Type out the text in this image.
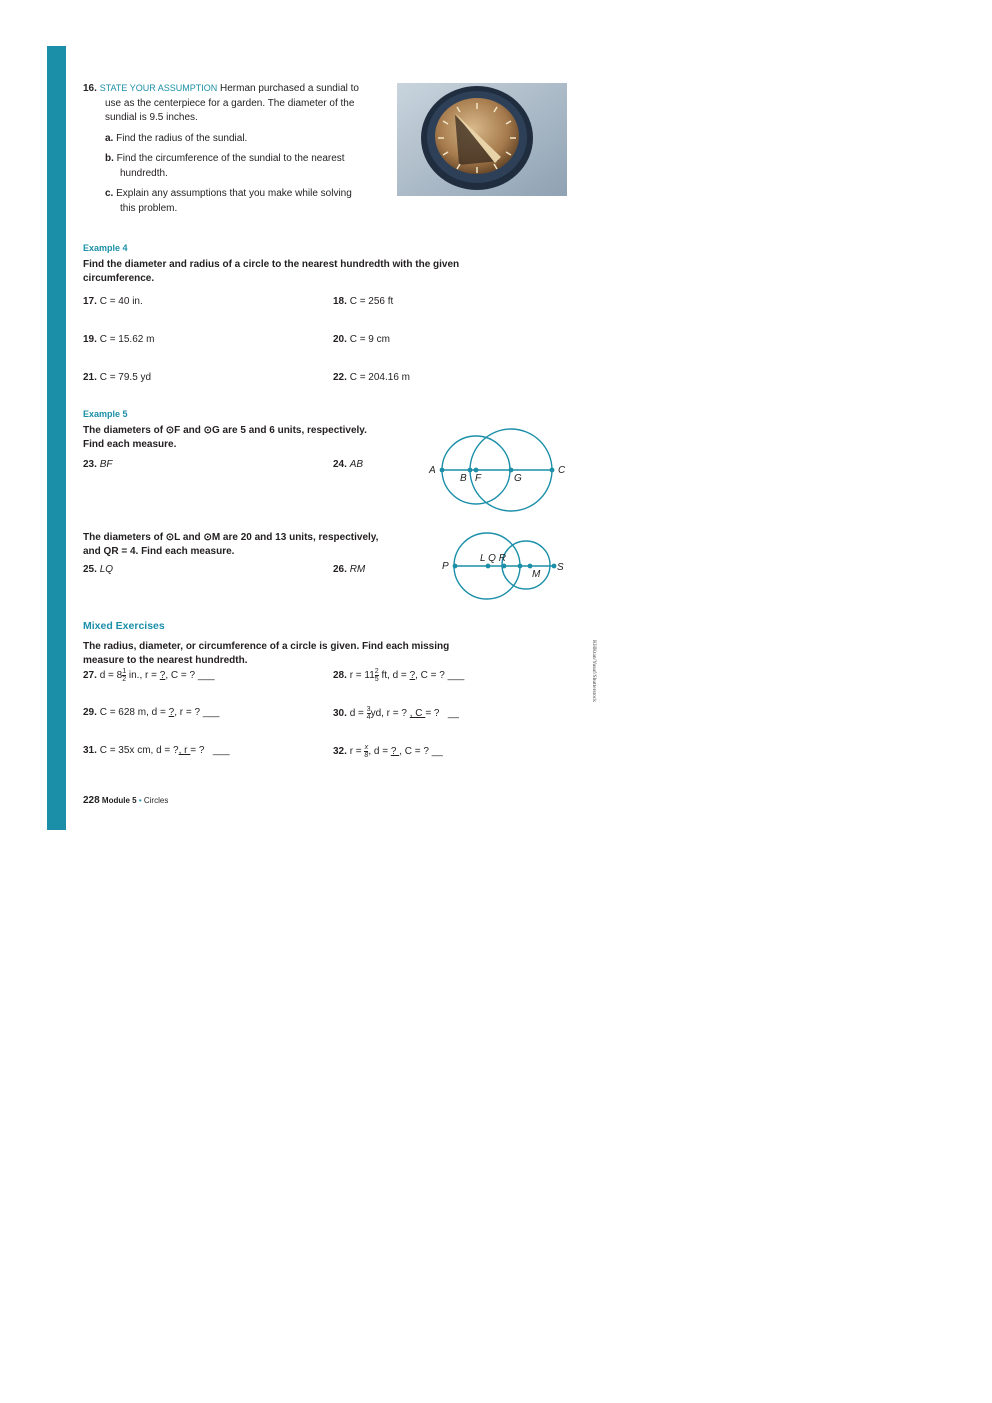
16. STATE YOUR ASSUMPTION Herman purchased a sundial to
use as the centerpiece for a garden. The diameter of the
sundial is 9.5 inches.
a. Find the radius of the sundial.
b. Find the circumference of the sundial to the nearest
hundredth.
c. Explain any assumptions that you make while solving
this problem.
Example 4
Find the diameter and radius of a circle to the nearest hundredth with the given
circumference.
17. C = 40 in.	18. C = 256 ft
19. C = 15.62 m	20. C = 9 cm
21. C = 79.5 yd	22. C = 204.16 m
Example 5
The diameters of ⊙F and ⊙G are 5 and 6 units, respectively.
Find each measure.
23. BF	24. AB
A
B F	G
C
The diameters of ⊙L and ⊙M are 20 and 13 units, respectively,
and QR = 4. Find each measure.
25. LQ	26. RM	P
L Q R
M
S
Mixed Exercises
The radius, diameter, or circumference of a circle is given. Find each missing
measure to the nearest hundredth.
27. $d = 8 \frac{1}{2}$ in., r = ?, C = ? ___	28. $r = 11 \frac{2}{5}$ ft, d = ?, C = ? ___
29. C = 628 m, d = ?, r = ? ___	30. $d = \frac{3}{4}$ yd, r = ? , C = ? __
31. C = 35x cm, d = ?, r = ?   ___	32. $r = \frac{x}{8}$ , d = ? , C = ? __
228 Module 5 • Circles
KHKtan/Yusuf/Shutterstock
